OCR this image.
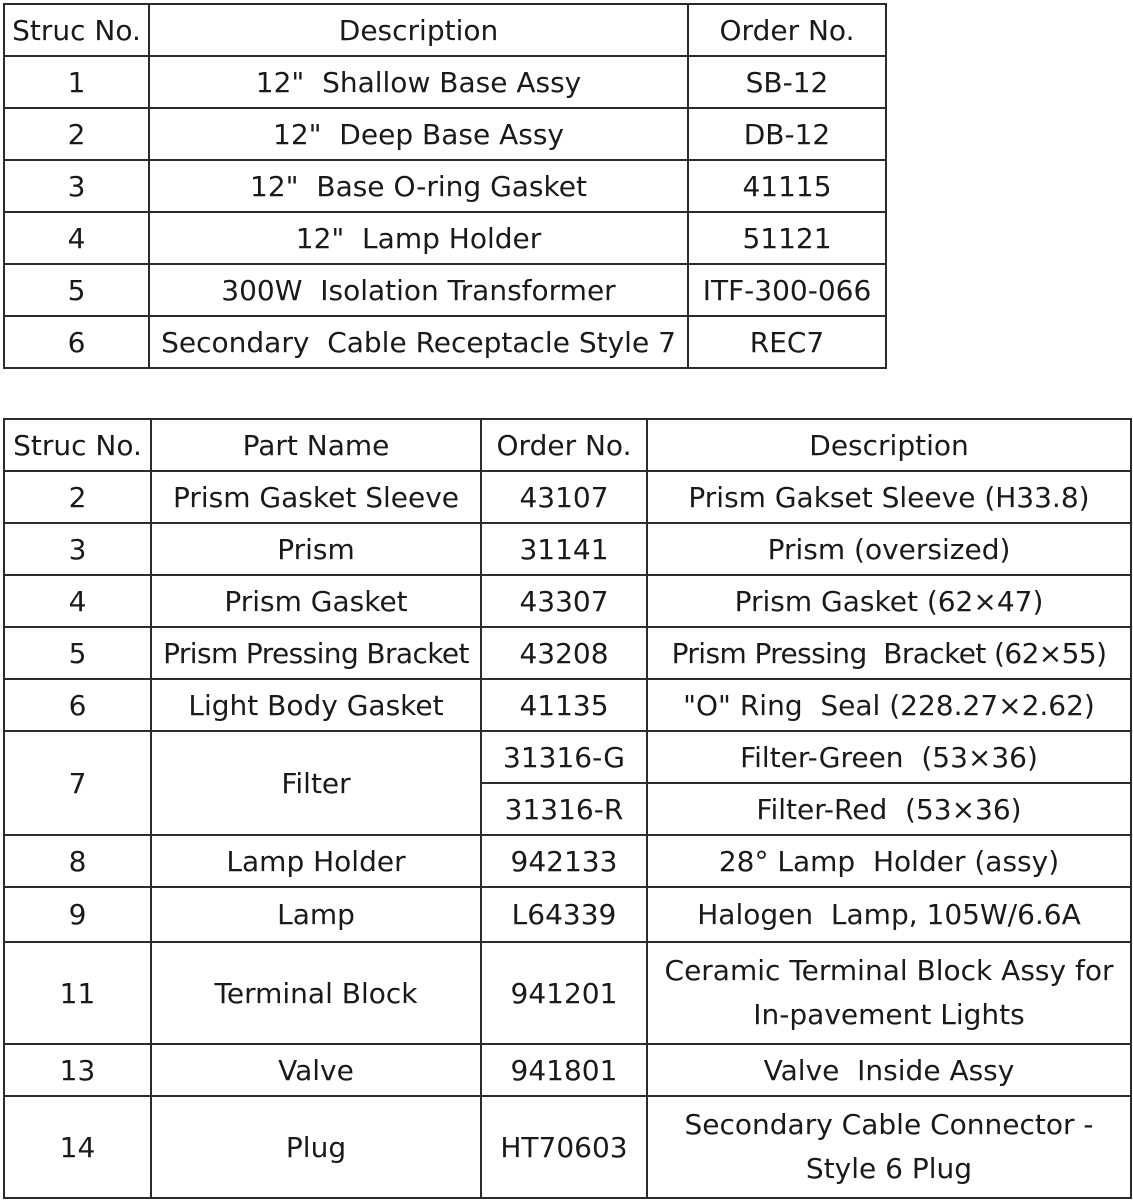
Struc No.	Description	Order No.
1	12"  Shallow Base Assy	SB-12
2	12"  Deep Base Assy	DB-12
3	12"  Base O-ring Gasket	41115
4	12"  Lamp Holder	51121
5	300W  Isolation Transformer	ITF-300-066
6	Secondary  Cable Receptacle Style 7	REC7
Struc No.	Part Name	Order No.	Description
2	Prism Gasket Sleeve	43107	Prism Gakset Sleeve (H33.8)
3	Prism	31141	Prism (oversized)
4	Prism Gasket	43307	Prism Gasket (62×47)
5	Prism Pressing Bracket	43208	Prism Pressing  Bracket (62×55)
6	Light Body Gasket	41135	"O" Ring  Seal (228.27×2.62)
7	Filter	31316-G	Filter-Green  (53×36)
		31316-R	Filter-Red  (53×36)
8	Lamp Holder	942133	28° Lamp  Holder (assy)
9	Lamp	L64339	Halogen  Lamp, 105W/6.6A
11	Terminal Block	941201	Ceramic Terminal Block Assy for In-pavement Lights
13	Valve	941801	Valve  Inside Assy
14	Plug	HT70603	Secondary Cable Connector -Style 6 Plug
